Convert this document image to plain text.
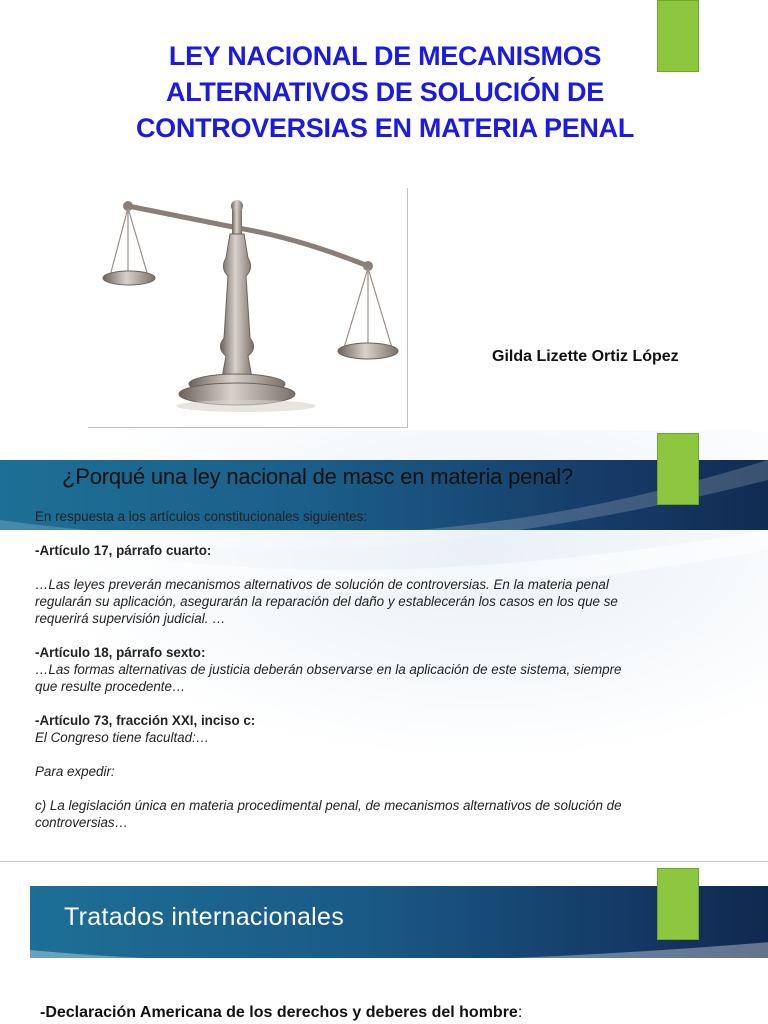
LEY NACIONAL DE MECANISMOS
ALTERNATIVOS DE SOLUCIÓN DE
CONTROVERSIAS EN MATERIA PENAL
Gilda Lizette Ortiz López
¿Porqué una ley nacional de masc en materia penal?

En respuesta a los artículos constitucionales siguientes:

-Artículo 17, párrafo cuarto:

…Las leyes preverán mecanismos alternativos de solución de controversias. En la materia penal

regularán su aplicación, asegurarán la reparación del daño y establecerán los casos en los que se

requerirá supervisión judicial. …

-Artículo 18, párrafo sexto:

…Las formas alternativas de justicia deberán observarse en la aplicación de este sistema, siempre

que resulte procedente…

-Artículo 73, fracción XXI, inciso c:

El Congreso tiene facultad:…

Para expedir:

c) La legislación única en materia procedimental penal, de mecanismos alternativos de solución de

controversias…

Tratados internacionales
-Declaración Americana de los derechos y deberes del hombre:
